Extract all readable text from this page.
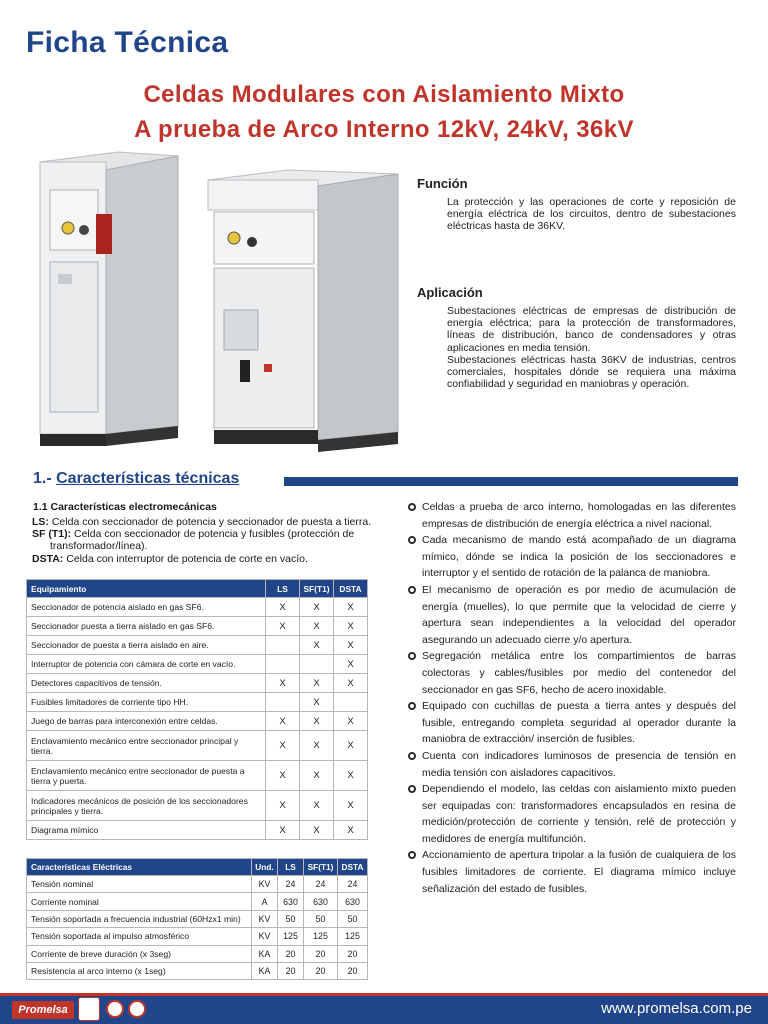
Ficha Técnica
Celdas Modulares con Aislamiento Mixto
A prueba de Arco Interno 12kV, 24kV, 36kV
Función
La protección y las operaciones de corte y reposición de energía eléctrica de los circuitos, dentro de subestaciones eléctricas hasta de 36KV.
Aplicación
Subestaciones eléctricas de empresas de distribución de energía eléctrica; para la protección de transformadores, líneas de distribución, banco de condensadores y otras aplicaciones en media tensión.
Subestaciones eléctricas hasta 36KV de industrias, centros comerciales, hospitales dónde se requiera una máxima confiabilidad y seguridad en maniobras y operación.
1.- Características técnicas
1.1 Características electromecánicas
LS: Celda con seccionador de potencia y seccionador de puesta a tierra.
SF (T1): Celda con seccionador de potencia y fusibles (protección de transformador/línea).
DSTA: Celda con interruptor de potencia de corte en vacío.
Equipamiento	LS	SF(T1)	DSTA
Seccionador de potencia aislado en gas SF6.	X	X	X
Seccionador puesta a tierra aislado en gas SF6.	X	X	X
Seccionador de puesta a tierra aislado en aire.		X	X
Interruptor de potencia con cámara de corte en vacío.			X
Detectores capacitivos de tensión.	X	X	X
Fusibles limitadores de corriente tipo HH.		X	
Juego de barras para interconexión entre celdas.	X	X	X
Enclavamiento mecánico entre seccionador principal y tierra.	X	X	X
Enclavamiento mecánico entre seccionador de puesta a tierra y puerta.	X	X	X
Indicadores mecánicos de posición de los seccionadores principales y tierra.	X	X	X
Diagrama mímico	X	X	X
Características Eléctricas	Und.	LS	SF(T1)	DSTA
Tensión nominal	KV	24	24	24
Corriente nominal	A	630	630	630
Tensión soportada a frecuencia industrial (60Hzx1 min)	KV	50	50	50
Tensión soportada al impulso atmosférico	KV	125	125	125
Corriente de breve duración (x 3seg)	KA	20	20	20
Resistencia al arco interno (x 1seg)	KA	20	20	20
Celdas a prueba de arco interno, homologadas en las diferentes empresas de distribución de energía eléctrica a nivel nacional.
Cada mecanismo de mando está acompañado de un diagrama mímico, dónde se indica la posición de los seccionadores e interruptor y el sentido de rotación de la palanca de maniobra.
El mecanismo de operación es por medio de acumulación de energía (muelles), lo que permite que la velocidad de cierre y apertura sean independientes a la velocidad del operador asegurando un adecuado cierre y/o apertura.
Segregación metálica entre los compartimientos de barras colectoras y cables/fusibles por medio del contenedor del seccionador en gas SF6, hecho de acero inoxidable.
Equipado con cuchillas de puesta a tierra antes y después del fusible, entregando completa seguridad al operador durante la maniobra de extracción/ inserción de fusibles.
Cuenta con indicadores luminosos de presencia de tensión en media tensión con aisladores capacitivos.
Dependiendo el modelo, las celdas con aislamiento mixto pueden ser equipadas con: transformadores encapsulados en resina de medición/protección de corriente y tensión, relé de protección y medidores de energía multifunción.
Accionamiento de apertura tripolar a la fusión de cualquiera de los fusibles limitadores de corriente. El diagrama mímico incluye señalización del estado de fusibles.
Promelsa	www.promelsa.com.pe
